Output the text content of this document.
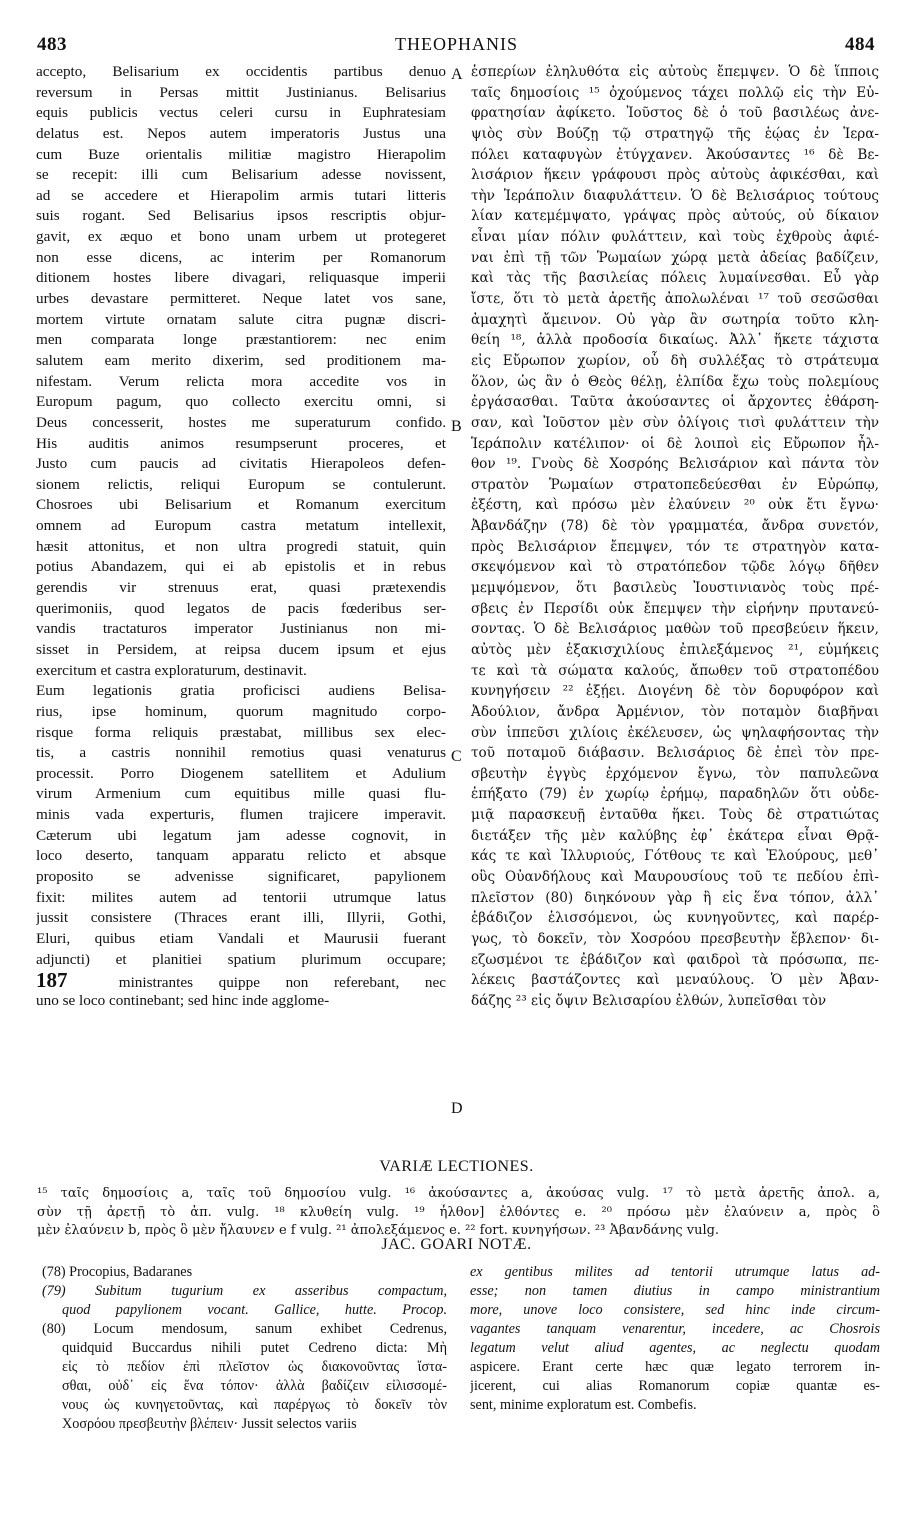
THEOPHANIS
483	484
accepto, Belisarium ex occidentis partibus denuo
reversum in Persas mittit Justinianus. Belisarius
equis publicis vectus celeri cursu in Euphratesiam
delatus est. Nepos autem imperatoris Justus una
cum Buze orientalis militiæ magistro Hierapolim
se recepit: illi cum Belisarium adesse novissent,
ad se accedere et Hierapolim armis tutari litteris
suis rogant. Sed Belisarius ipsos rescriptis objur-
gavit, ex æquo et bono unam urbem ut protegeret
non esse dicens, ac interim per Romanorum
ditionem hostes libere divagari, reliquasque imperii
urbes devastare permitteret. Neque latet vos sane,
mortem virtute ornatam salute citra pugnæ discri-
men comparata longe præstantiorem: nec enim
salutem eam merito dixerim, sed proditionem ma-
nifestam. Verum relicta mora accedite vos in
Europum pagum, quo collecto exercitu omni, si
Deus concesserit, hostes me superaturum confido.
His auditis animos resumpserunt proceres, et
Justo cum paucis ad civitatis Hierapoleos defen-
sionem relictis, reliqui Europum se contulerunt.
Chosroes ubi Belisarium et Romanum exercitum
omnem ad Europum castra metatum intellexit,
hæsit attonitus, et non ultra progredi statuit, quin
potius Abandazem, qui ei ab epistolis et in rebus
gerendis vir strenuus erat, quasi prætexendis
querimoniis, quod legatos de pacis fœderibus ser-
vandis tractaturos imperator Justinianus non mi-
sisset in Persidem, at reipsa ducem ipsum et ejus
exercitum et castra exploraturum, destinavit.
Eum legationis gratia proficisci audiens Belisa-
rius, ipse hominum, quorum magnitudo corpo-
risque forma reliquis præstabat, millibus sex elec-
tis, a castris nonnihil remotius quasi venaturus
processit. Porro Diogenem satellitem et Adulium
virum Armenium cum equitibus mille quasi flu-
minis vada experturis, flumen trajicere imperavit.
Cæterum ubi legatum jam adesse cognovit, in
loco deserto, tanquam apparatu relicto et absque
proposito se advenisse significaret, papylionem
fixit: milites autem ad tentorii utrumque latus
jussit consistere (Thraces erant illi, Illyrii, Gothi,
Eluri, quibus etiam Vandali et Maurusii fuerant
adjuncti) et planitiei spatium plurimum occupare;
187	ministrantes quippe non referebant, nec
uno se loco continebant; sed hinc inde agglome-
ἑσπερίων ἐληλυθότα εἰς αὐτοὺς ἔπεμψεν. Ὁ δὲ ἵπποις
ταῖς δημοσίοις ¹⁵ ὀχούμενος τάχει πολλῷ εἰς τὴν Εὐ-
φρατησίαν ἀφίκετο. Ἰοῦστος δὲ ὁ τοῦ βασιλέως ἀνε-
ψιὸς σὺν Βούζῃ τῷ στρατηγῷ τῆς ἑῴας ἐν Ἱερα-
πόλει καταφυγὼν ἐτύγχανεν. Ἀκούσαντες ¹⁶ δὲ Βε-
λισάριον ἥκειν γράφουσι πρὸς αὐτοὺς ἀφικέσθαι, καὶ
τὴν Ἱεράπολιν διαφυλάττειν. Ὁ δὲ Βελισάριος τούτους
λίαν κατεμέμψατο, γράψας πρὸς αὐτούς, οὐ δίκαιον
εἶναι μίαν πόλιν φυλάττειν, καὶ τοὺς ἐχθροὺς ἀφιέ-
ναι ἐπὶ τῇ τῶν Ῥωμαίων χώρᾳ μετὰ ἀδείας βαδίζειν,
καὶ τὰς τῆς βασιλείας πόλεις λυμαίνεσθαι. Εὖ γὰρ
ἴστε, ὅτι τὸ μετὰ ἀρετῆς ἀπολωλέναι ¹⁷ τοῦ σεσῶσθαι
ἀμαχητὶ ἄμεινον. Οὐ γὰρ ἂν σωτηρία τοῦτο κλη-
θείη ¹⁸, ἀλλὰ προδοσία δικαίως. Ἀλλ᾽ ἥκετε τάχιστα
εἰς Εὔρωπον χωρίον, οὗ δὴ συλλέξας τὸ στράτευμα
ὅλον, ὡς ἂν ὁ Θεὸς θέλῃ, ἐλπίδα ἔχω τοὺς πολεμίους
ἐργάσασθαι. Ταῦτα ἀκούσαντες οἱ ἄρχοντες ἐθάρση-
σαν, καὶ Ἰοῦστον μὲν σὺν ὀλίγοις τισὶ φυλάττειν τὴν
Ἱεράπολιν κατέλιπον· οἱ δὲ λοιποὶ εἰς Εὔρωπον ἦλ-
θον ¹⁹. Γνοὺς δὲ Χοσρόης Βελισάριον καὶ πάντα τὸν
στρατὸν Ῥωμαίων στρατοπεδεύεσθαι ἐν Εὐρώπῳ,
ἐξέστη, καὶ πρόσω μὲν ἐλαύνειν ²⁰ οὐκ ἔτι ἔγνω·
Ἀβανδάζην (78) δὲ τὸν γραμματέα, ἄνδρα συνετόν,
πρὸς Βελισάριον ἔπεμψεν, τόν τε στρατηγὸν κατα-
σκεψόμενον καὶ τὸ στρατόπεδον τῷδε λόγῳ δῆθεν
μεμψόμενον, ὅτι βασιλεὺς Ἰουστινιανὸς τοὺς πρέ-
σβεις ἐν Περσίδι οὐκ ἔπεμψεν τὴν εἰρήνην πρυτανεύ-
σοντας. Ὁ δὲ Βελισάριος μαθὼν τοῦ πρεσβεύειν ἥκειν,
αὐτὸς μὲν ἑξακισχιλίους ἐπιλεξάμενος ²¹, εὐμήκεις
τε καὶ τὰ σώματα καλούς, ἄπωθεν τοῦ στρατοπέδου
κυνηγήσειν ²² ἐξῄει. Διογένη δὲ τὸν δορυφόρον καὶ
Ἀδούλιον, ἄνδρα Ἀρμένιον, τὸν ποταμὸν διαβῆναι
σὺν ἱππεῦσι χιλίοις ἐκέλευσεν, ὡς ψηλαφήσοντας τὴν
τοῦ ποταμοῦ διάβασιν. Βελισάριος δὲ ἐπεὶ τὸν πρε-
σβευτὴν ἐγγὺς ἐρχόμενον ἔγνω, τὸν παπυλεῶνα
ἐπήξατο (79) ἐν χωρίῳ ἐρήμῳ, παραδηλῶν ὅτι οὐδε-
μιᾷ παρασκευῇ ἐνταῦθα ἥκει. Τοὺς δὲ στρατιώτας
διετάξεν τῆς μὲν καλύβης ἐφ᾽ ἑκάτερα εἶναι Θρᾷ-
κάς τε καὶ Ἰλλυριούς, Γότθους τε καὶ Ἐλούρους, μεθ᾽
οὓς Οὐανδήλους καὶ Μαυρουσίους τοῦ τε πεδίου ἐπὶ-
πλεῖστον (80) διηκόνουν γὰρ ἢ εἰς ἕνα τόπον, ἀλλ᾽
ἐβάδιζον ἑλισσόμενοι, ὡς κυνηγοῦντες, καὶ παρέρ-
γως, τὸ δοκεῖν, τὸν Χοσρόου πρεσβευτὴν ἔβλεπον· δι-
εζωσμένοι τε ἐβάδιζον καὶ φαιδροὶ τὰ πρόσωπα, πε-
λέκεις βαστάζοντες καὶ μεναύλους. Ὁ μὲν Ἀβαν-
δάζης ²³ εἰς ὄψιν Βελισαρίου ἐλθών, λυπεῖσθαι τὸν
A
B
C
D
VARIÆ LECTIONES.
¹⁵ ταῖς δημοσίοις a, ταῖς τοῦ δημοσίου vulg. ¹⁶ ἀκούσαντες a, ἀκούσας vulg. ¹⁷ τὸ μετὰ ἀρετῆς ἀπολ. a,
σὺν τῇ ἀρετῇ τὸ ἀπ. vulg. ¹⁸ κλυθείη vulg. ¹⁹ ἦλθον] ἐλθόντες e. ²⁰ πρόσω μὲν ἐλαύνειν a, πρὸς ὃ
μὲν ἐλαύνειν b, πρὸς ὃ μὲν ἤλαυνεν e f vulg. ²¹ ἀπολεξάμενος e. ²² fort. κυνηγήσων. ²³ Ἀβανδάνης vulg.
JAC. GOARI NOTÆ.
(78) Procopius, Badaranes
(79) Subitum tugurium ex asseribus compactum,
quod papylionem vocant. Gallice, hutte. Procop.
(80) Locum mendosum, sanum exhibet Cedrenus,
quidquid Buccardus nihili putet Cedreno dicta: Μὴ
εἰς τὸ πεδίον ἐπὶ πλεῖστον ὡς διακονοῦντας ἵστα-
σθαι, οὐδ᾽ εἰς ἕνα τόπον· ἀλλὰ βαδίζειν εἰλισσομέ-
νους ὡς κυνηγετοῦντας, καὶ παρέργως τὸ δοκεῖν τὸν
Χοσρόου πρεσβευτὴν βλέπειν· Jussit selectos variis
ex gentibus milites ad tentorii utrumque latus ad-
esse; non tamen diutius in campo ministrantium
more, unove loco consistere, sed hinc inde circum-
vagantes tanquam venarentur, incedere, ac Chosrois
legatum velut aliud agentes, ac neglectu quodam
aspicere. Erant certe hæc quæ legato terrorem in-
jicerent, cui alias Romanorum copiæ quantæ es-
sent, minime exploratum est. Combefis.
